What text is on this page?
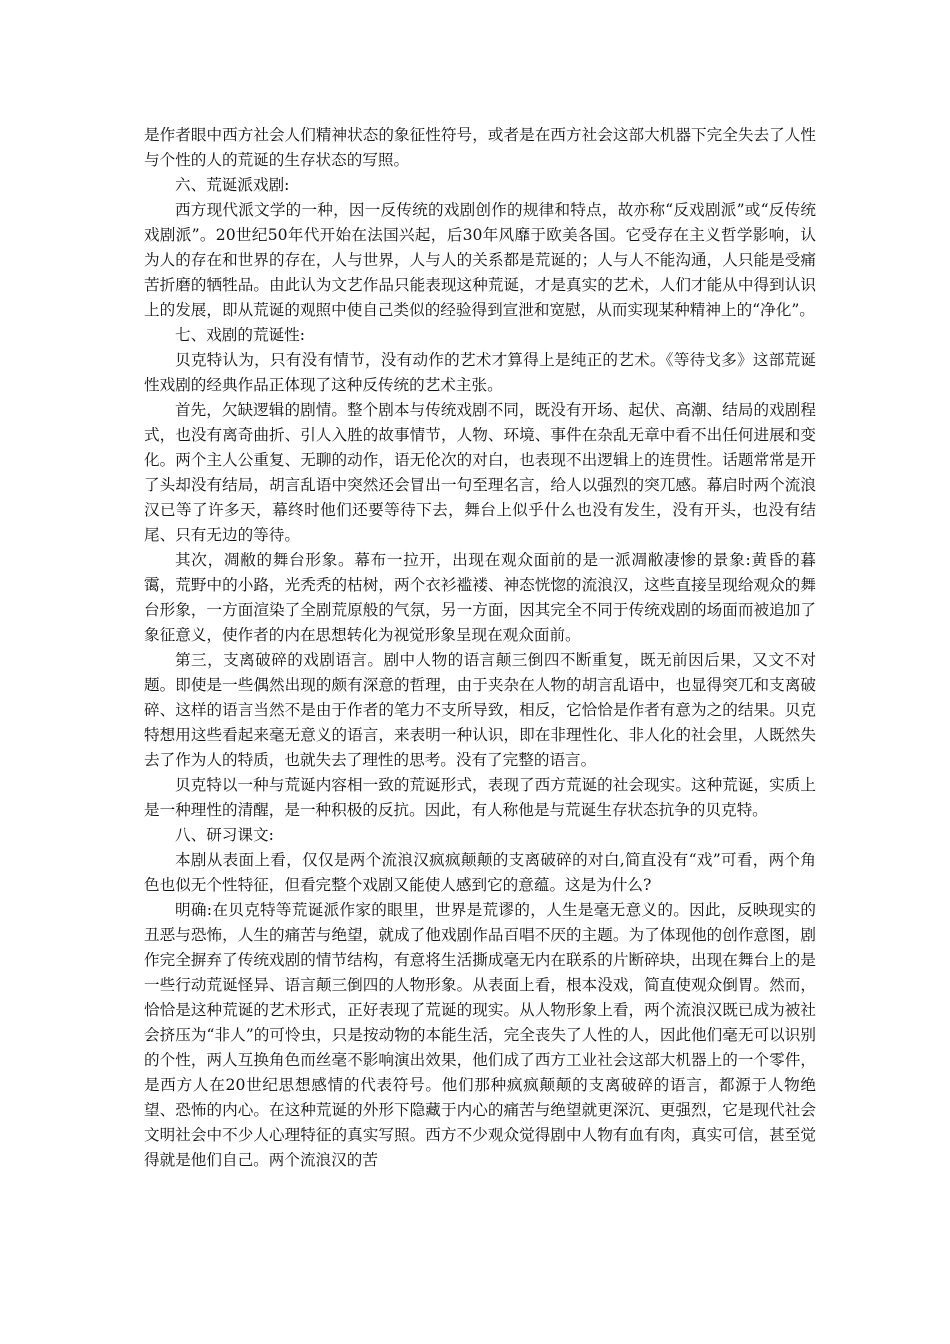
是作者眼中西方社会人们精神状态的象征性符号，或者是在西方社会这部大机器下完全失去了人性与个性的人的荒诞的生存状态的写照。

六、荒诞派戏剧:

西方现代派文学的一种，因一反传统的戏剧创作的规律和特点，故亦称“反戏剧派”或“反传统戏剧派”。20世纪50年代开始在法国兴起，后30年风靡于欧美各国。它受存在主义哲学影响，认为人的存在和世界的存在，人与世界，人与人的关系都是荒诞的；人与人不能沟通，人只能是受痛苦折磨的牺牲品。由此认为文艺作品只能表现这种荒诞，才是真实的艺术，人们才能从中得到认识上的发展，即从荒诞的观照中使自己类似的经验得到宣泄和宽慰，从而实现某种精神上的“净化”。

七、戏剧的荒诞性:

贝克特认为，只有没有情节，没有动作的艺术才算得上是纯正的艺术。《等待戈多》这部荒诞性戏剧的经典作品正体现了这种反传统的艺术主张。

首先，欠缺逻辑的剧情。整个剧本与传统戏剧不同，既没有开场、起伏、高潮、结局的戏剧程式，也没有离奇曲折、引人入胜的故事情节，人物、环境、事件在杂乱无章中看不出任何进展和变化。两个主人公重复、无聊的动作，语无伦次的对白，也表现不出逻辑上的连贯性。话题常常是开了头却没有结局，胡言乱语中突然还会冒出一句至理名言，给人以强烈的突兀感。幕启时两个流浪汉已等了许多天，幕终时他们还要等待下去，舞台上似乎什么也没有发生，没有开头，也没有结尾、只有无边的等待。

其次，凋敝的舞台形象。幕布一拉开，出现在观众面前的是一派凋敝凄惨的景象:黄昏的暮霭，荒野中的小路，光秃秃的枯树，两个衣衫褴褛、神态恍惚的流浪汉，这些直接呈现给观众的舞台形象，一方面渲染了全剧荒原般的气氛，另一方面，因其完全不同于传统戏剧的场面而被追加了象征意义，使作者的内在思想转化为视觉形象呈现在观众面前。

第三，支离破碎的戏剧语言。剧中人物的语言颠三倒四不断重复，既无前因后果，又文不对题。即使是一些偶然出现的颇有深意的哲理，由于夹杂在人物的胡言乱语中，也显得突兀和支离破碎、这样的语言当然不是由于作者的笔力不支所导致，相反，它恰恰是作者有意为之的结果。贝克特想用这些看起来毫无意义的语言，来表明一种认识，即在非理性化、非人化的社会里，人既然失去了作为人的特质，也就失去了理性的思考。没有了完整的语言。

贝克特以一种与荒诞内容相一致的荒诞形式，表现了西方荒诞的社会现实。这种荒诞，实质上是一种理性的清醒，是一种积极的反抗。因此，有人称他是与荒诞生存状态抗争的贝克特。

八、研习课文:

本剧从表面上看，仅仅是两个流浪汉疯疯颠颠的支离破碎的对白,简直没有“戏”可看，两个角色也似无个性特征，但看完整个戏剧又能使人感到它的意蕴。这是为什么?

明确:在贝克特等荒诞派作家的眼里，世界是荒谬的，人生是毫无意义的。因此，反映现实的丑恶与恐怖，人生的痛苦与绝望，就成了他戏剧作品百唱不厌的主题。为了体现他的创作意图，剧作完全摒弃了传统戏剧的情节结构，有意将生活撕成毫无内在联系的片断碎块，出现在舞台上的是一些行动荒诞怪异、语言颠三倒四的人物形象。从表面上看，根本没戏，简直使观众倒胃。然而，恰恰是这种荒诞的艺术形式，正好表现了荒诞的现实。从人物形象上看，两个流浪汉既已成为被社会挤压为“非人”的可怜虫，只是按动物的本能生活，完全丧失了人性的人，因此他们毫无可以识别的个性，两人互换角色而丝毫不影响演出效果，他们成了西方工业社会这部大机器上的一个零件，是西方人在20世纪思想感情的代表符号。他们那种疯疯颠颠的支离破碎的语言，都源于人物绝望、恐怖的内心。在这种荒诞的外形下隐藏于内心的痛苦与绝望就更深沉、更强烈，它是现代社会文明社会中不少人心理特征的真实写照。西方不少观众觉得剧中人物有血有肉，真实可信，甚至觉得就是他们自己。两个流浪汉的苦
